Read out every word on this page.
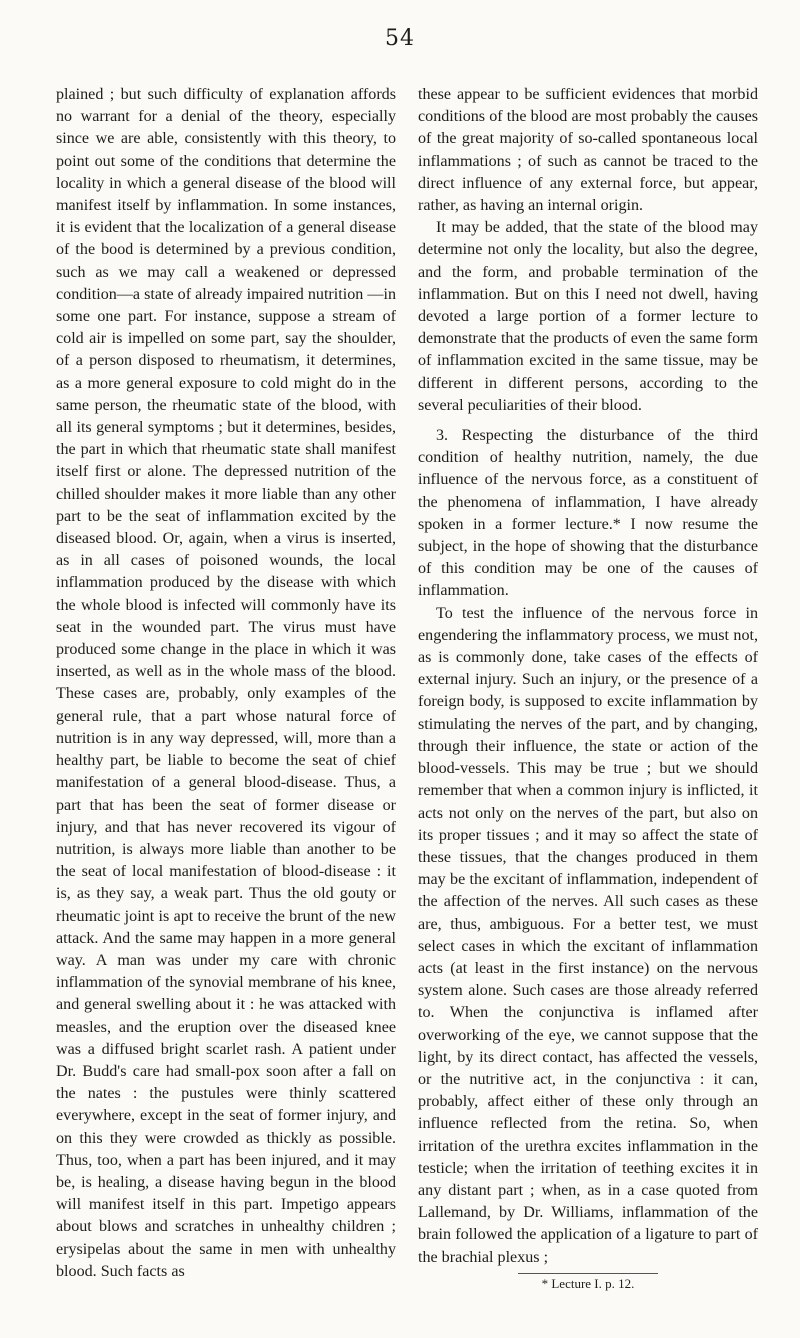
54

plained ; but such difficulty of explanation affords no warrant for a denial of the theory, especially since we are able, consistently with this theory, to point out some of the conditions that determine the locality in which a general disease of the blood will manifest itself by inflammation. In some instances, it is evident that the localization of a general disease of the bood is determined by a previous condition, such as we may call a weakened or depressed condition—a state of already impaired nutrition —in some one part. For instance, suppose a stream of cold air is impelled on some part, say the shoulder, of a person disposed to rheumatism, it determines, as a more general exposure to cold might do in the same person, the rheumatic state of the blood, with all its general symptoms ; but it determines, besides, the part in which that rheumatic state shall manifest itself first or alone. The depressed nutrition of the chilled shoulder makes it more liable than any other part to be the seat of inflammation excited by the diseased blood. Or, again, when a virus is inserted, as in all cases of poisoned wounds, the local inflammation produced by the disease with which the whole blood is infected will commonly have its seat in the wounded part. The virus must have produced some change in the place in which it was inserted, as well as in the whole mass of the blood. These cases are, probably, only examples of the general rule, that a part whose natural force of nutrition is in any way depressed, will, more than a healthy part, be liable to become the seat of chief manifestation of a general blood-disease. Thus, a part that has been the seat of former disease or injury, and that has never recovered its vigour of nutrition, is always more liable than another to be the seat of local manifestation of blood-disease : it is, as they say, a weak part. Thus the old gouty or rheumatic joint is apt to receive the brunt of the new attack. And the same may happen in a more general way. A man was under my care with chronic inflammation of the synovial membrane of his knee, and general swelling about it : he was attacked with measles, and the eruption over the diseased knee was a diffused bright scarlet rash. A patient under Dr. Budd's care had small-pox soon after a fall on the nates : the pustules were thinly scattered everywhere, except in the seat of former injury, and on this they were crowded as thickly as possible. Thus, too, when a part has been injured, and it may be, is healing, a disease having begun in the blood will manifest itself in this part. Impetigo appears about blows and scratches in unhealthy children ; erysipelas about the same in men with unhealthy blood. Such facts as

these appear to be sufficient evidences that morbid conditions of the blood are most probably the causes of the great majority of so-called spontaneous local inflammations ; of such as cannot be traced to the direct influence of any external force, but appear, rather, as having an internal origin.

It may be added, that the state of the blood may determine not only the locality, but also the degree, and the form, and probable termination of the inflammation. But on this I need not dwell, having devoted a large portion of a former lecture to demonstrate that the products of even the same form of inflammation excited in the same tissue, may be different in different persons, according to the several peculiarities of their blood.

3. Respecting the disturbance of the third condition of healthy nutrition, namely, the due influence of the nervous force, as a constituent of the phenomena of inflammation, I have already spoken in a former lecture.* I now resume the subject, in the hope of showing that the disturbance of this condition may be one of the causes of inflammation.

To test the influence of the nervous force in engendering the inflammatory process, we must not, as is commonly done, take cases of the effects of external injury. Such an injury, or the presence of a foreign body, is supposed to excite inflammation by stimulating the nerves of the part, and by changing, through their influence, the state or action of the blood-vessels. This may be true ; but we should remember that when a common injury is inflicted, it acts not only on the nerves of the part, but also on its proper tissues ; and it may so affect the state of these tissues, that the changes produced in them may be the excitant of inflammation, independent of the affection of the nerves. All such cases as these are, thus, ambiguous. For a better test, we must select cases in which the excitant of inflammation acts (at least in the first instance) on the nervous system alone. Such cases are those already referred to. When the conjunctiva is inflamed after overworking of the eye, we cannot suppose that the light, by its direct contact, has affected the vessels, or the nutritive act, in the conjunctiva : it can, probably, affect either of these only through an influence reflected from the retina. So, when irritation of the urethra excites inflammation in the testicle; when the irritation of teething excites it in any distant part ; when, as in a case quoted from Lallemand, by Dr. Williams, inflammation of the brain followed the application of a ligature to part of the brachial plexus ;

* Lecture I. p. 12.
